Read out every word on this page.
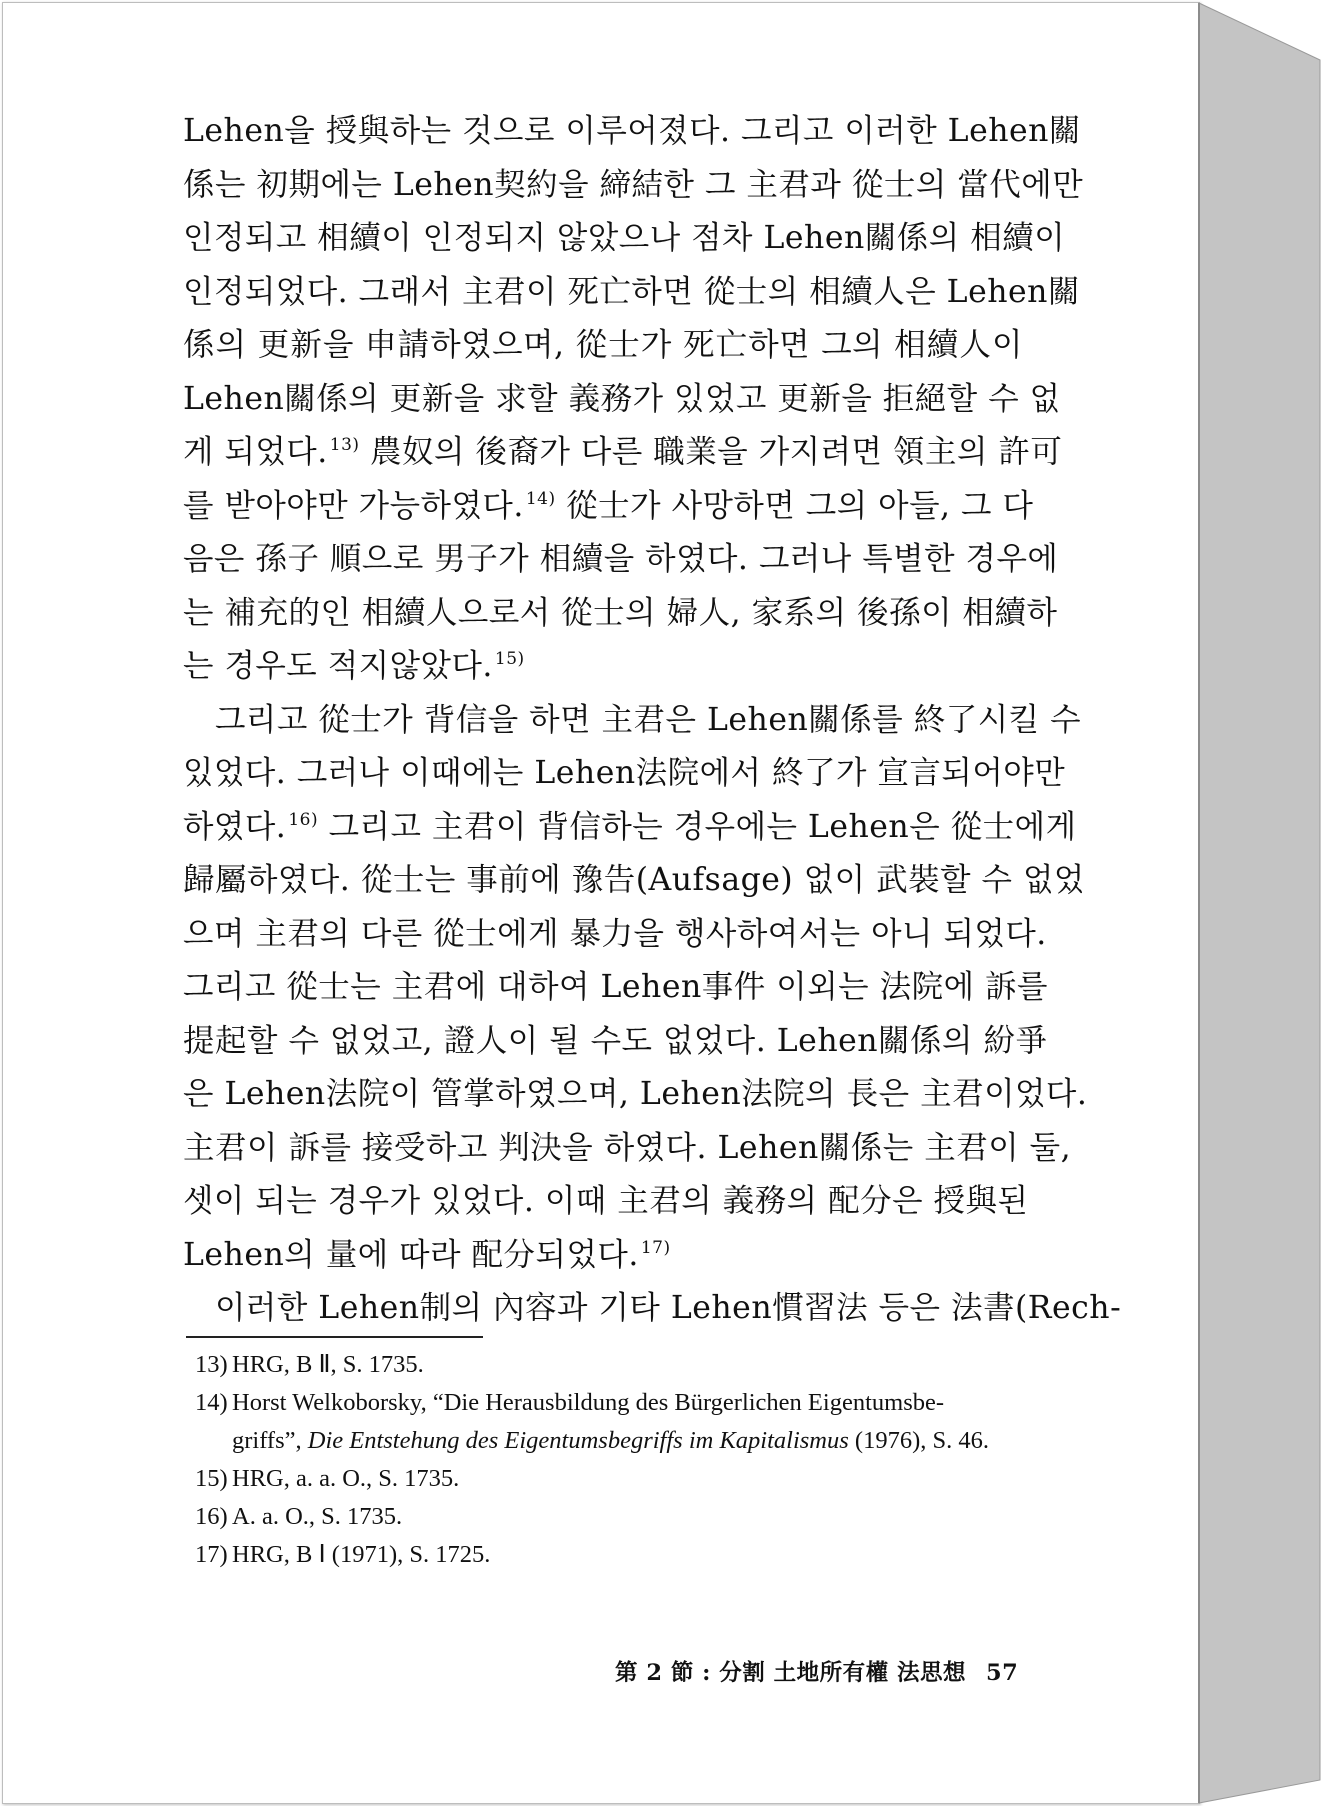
Lehen을 授與하는 것으로 이루어졌다. 그리고 이러한 Lehen關
係는 初期에는 Lehen契約을 締結한 그 主君과 從士의 當代에만
인정되고 相續이 인정되지 않았으나 점차 Lehen關係의 相續이
인정되었다. 그래서 主君이 死亡하면 從士의 相續人은 Lehen關
係의 更新을 申請하였으며, 從士가 死亡하면 그의 相續人이
Lehen關係의 更新을 求할 義務가 있었고 更新을 拒絕할 수 없
게 되었다. $^{13)}$ 農奴의 後裔가 다른 職業을 가지려면 領主의 許可
를 받아야만 가능하였다. $^{14)}$ 從士가 사망하면 그의 아들, 그 다
음은 孫子 順으로 男子가 相續을 하였다. 그러나 특별한 경우에
는 補充的인 相續人으로서 從士의 婦人, 家系의 後孫이 相續하
는 경우도 적지않았다. $^{15)}$
그리고 從士가 背信을 하면 主君은 Lehen關係를 終了시킬 수
있었다. 그러나 이때에는 Lehen法院에서 終了가 宣言되어야만
하였다. $^{16)}$ 그리고 主君이 背信하는 경우에는 Lehen은 從士에게
歸屬하였다. 從士는 事前에 豫告(Aufsage) 없이 武裝할 수 없었
으며 主君의 다른 從士에게 暴力을 행사하여서는 아니 되었다.
그리고 從士는 主君에 대하여 Lehen事件 이외는 法院에 訴를
提起할 수 없었고, 證人이 될 수도 없었다. Lehen關係의 紛爭
은 Lehen法院이 管掌하였으며, Lehen法院의 長은 主君이었다.
主君이 訴를 接受하고 判決을 하였다. Lehen關係는 主君이 둘,
셋이 되는 경우가 있었다. 이때 主君의 義務의 配分은 授與된
Lehen의 量에 따라 配分되었다. $^{17)}$
이러한 Lehen制의 內容과 기타 Lehen慣習法 등은 法書(Rech-
13) HRG, B Ⅱ, S. 1735.
14) Horst Welkoborsky, “Die Herausbildung des Bürgerlichen Eigentumsbe-
griffs”, Die Entstehung des Eigentumsbegriffs im Kapitalismus (1976), S. 46.
15) HRG, a. a. O., S. 1735.
16) A. a. O., S. 1735.
17) HRG, B Ⅰ (1971), S. 1725.
第 2 節 : 分割 土地所有權 法思想 57
